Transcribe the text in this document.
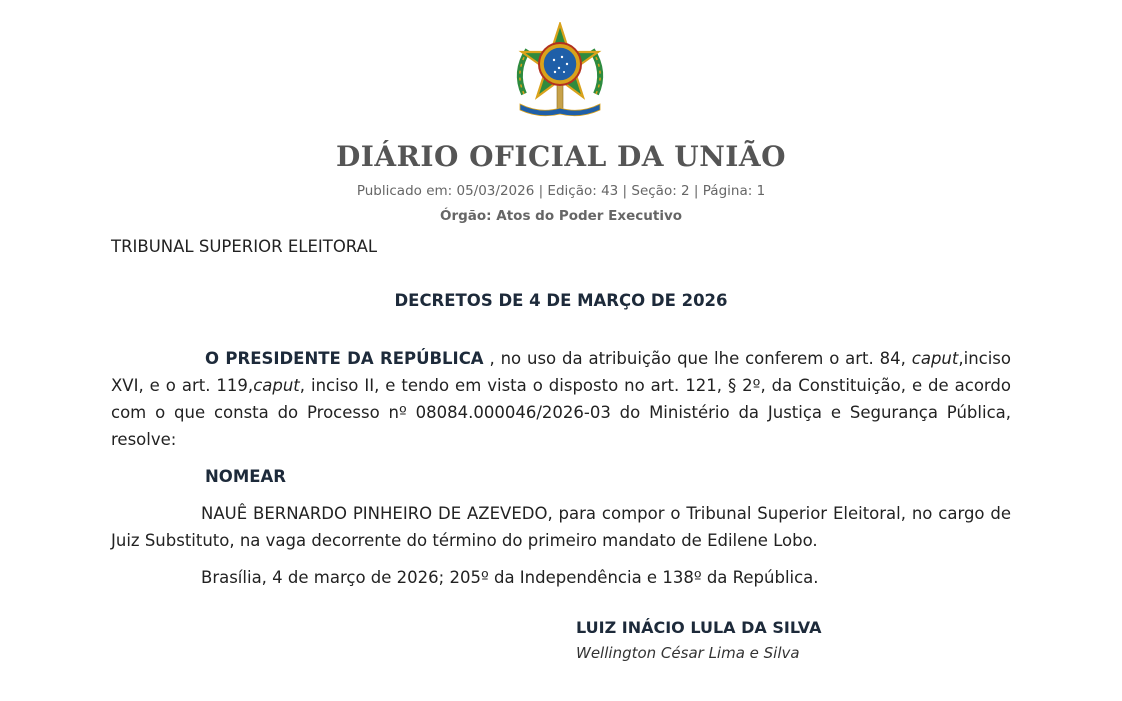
DIÁRIO OFICIAL DA UNIÃO
Publicado em: 05/03/2026 | Edição: 43 | Seção: 2 | Página: 1
Órgão: Atos do Poder Executivo
TRIBUNAL SUPERIOR ELEITORAL
DECRETOS DE 4 DE MARÇO DE 2026

O PRESIDENTE DA REPÚBLICA , no uso da atribuição que lhe conferem o art. 84, caput,inciso XVI, e o art. 119,caput, inciso II, e tendo em vista o disposto no art. 121, § 2º, da Constituição, e de acordo com o que consta do Processo nº 08084.000046/2026-03 do Ministério da Justiça e Segurança Pública, resolve:

NOMEAR

NAUÊ BERNARDO PINHEIRO DE AZEVEDO, para compor o Tribunal Superior Eleitoral, no cargo de Juiz Substituto, na vaga decorrente do término do primeiro mandato de Edilene Lobo.

Brasília, 4 de março de 2026; 205º da Independência e 138º da República.

LUIZ INÁCIO LULA DA SILVA
Wellington César Lima e Silva
